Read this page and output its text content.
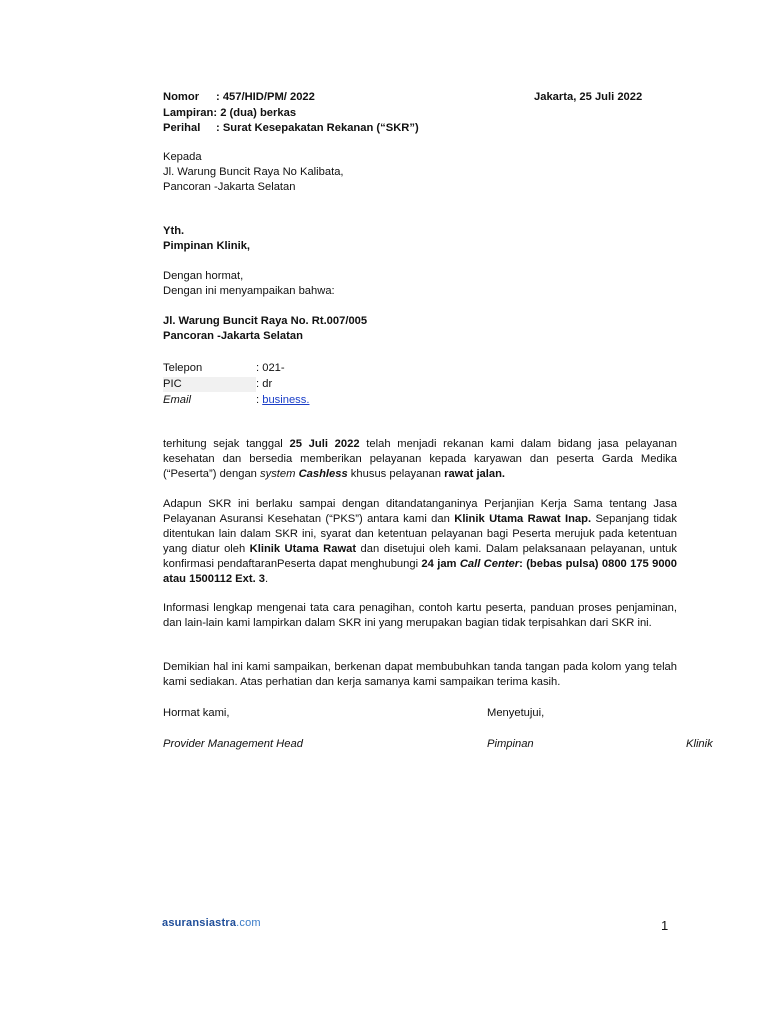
Nomor : 457/HID/PM/ 2022	Jakarta, 25 Juli 2022
Lampiran: 2 (dua) berkas
Perihal : Surat Kesepakatan Rekanan (“SKR”)
Kepada
Jl. Warung Buncit Raya No Kalibata,
Pancoran -Jakarta Selatan
Yth.
Pimpinan Klinik,
Dengan hormat,
Dengan ini menyampaikan bahwa:
Jl. Warung Buncit Raya No. Rt.007/005
Pancoran -Jakarta Selatan
Telepon	: 021-
PIC	: dr
Email	: business.
terhitung sejak tanggal 25 Juli 2022 telah menjadi rekanan kami dalam bidang jasa pelayanan kesehatan dan bersedia memberikan pelayanan kepada karyawan dan peserta Garda Medika (“Peserta”) dengan system Cashless khusus pelayanan rawat jalan.
Adapun SKR ini berlaku sampai dengan ditandatanganinya Perjanjian Kerja Sama tentang Jasa Pelayanan Asuransi Kesehatan (“PKS”) antara kami dan Klinik Utama Rawat Inap. Sepanjang tidak ditentukan lain dalam SKR ini, syarat dan ketentuan pelayanan bagi Peserta merujuk pada ketentuan yang diatur oleh Klinik Utama Rawat dan disetujui oleh kami. Dalam pelaksanaan pelayanan, untuk konfirmasi pendaftaranPeserta dapat menghubungi 24 jam Call Center: (bebas pulsa) 0800 175 9000 atau 1500112 Ext. 3.
Informasi lengkap mengenai tata cara penagihan, contoh kartu peserta, panduan proses penjaminan, dan lain-lain kami lampirkan dalam SKR ini yang merupakan bagian tidak terpisahkan dari SKR ini.
Demikian hal ini kami sampaikan, berkenan dapat membubuhkan tanda tangan pada kolom yang telah kami sediakan. Atas perhatian dan kerja samanya kami sampaikan terima kasih.
Hormat kami,	Menyetujui,
Provider Management Head	Pimpinan	Klinik
asuransiastra.com	1
